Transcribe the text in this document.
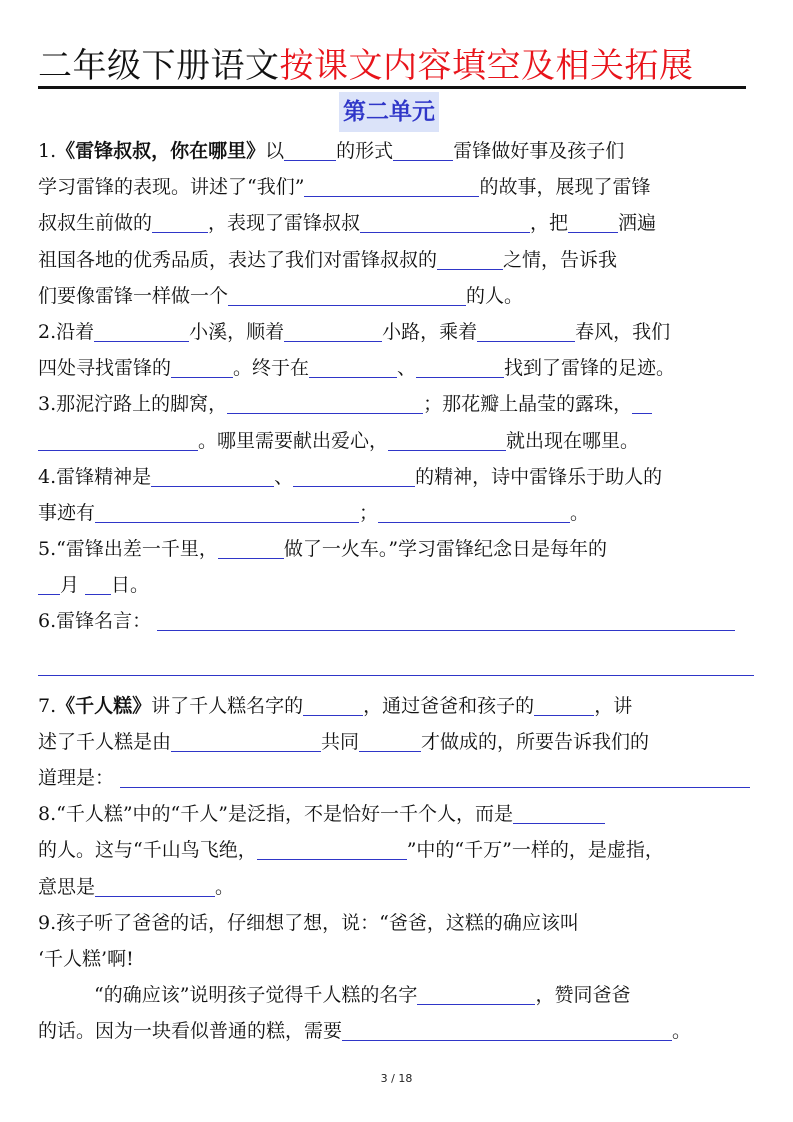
二年级下册语文按课文内容填空及相关拓展
第二单元
1.《雷锋叔叔，你在哪里》以	的形式	雷锋做好事及孩子们
学习雷锋的表现。讲述了“我们”	的故事，展现了雷锋
叔叔生前做的	，表现了雷锋叔叔	，把	洒遍
祖国各地的优秀品质，表达了我们对雷锋叔叔的	之情，告诉我
们要像雷锋一样做一个	的人。
2.沿着	小溪，顺着	小路，乘着	春风，我们
四处寻找雷锋的	。终于在	、	找到了雷锋的足迹。
3.那泥泞路上的脚窝，	；那花瓣上晶莹的露珠，
。哪里需要献出爱心，	就出现在哪里。
4.雷锋精神是	、	的精神，诗中雷锋乐于助人的
事迹有	；	。
5.“雷锋出差一千里，	做了一火车。”学习雷锋纪念日是每年的
月 日。
6.雷锋名言：
7.《千人糕》讲了千人糕名字的	，通过爸爸和孩子的	，讲
述了千人糕是由	共同	才做成的，所要告诉我们的
道理是：
8.“千人糕”中的“千人”是泛指，不是恰好一千个人，而是
的人。这与“千山鸟飞绝，	”中的“千万”一样的，是虚指，
意思是	。
9.孩子听了爸爸的话，仔细想了想，说：“爸爸，这糕的确应该叫
‘千人糕’啊!
“的确应该”说明孩子觉得千人糕的名字	，赞同爸爸
的话。因为一块看似普通的糕，需要	。
3 / 18
